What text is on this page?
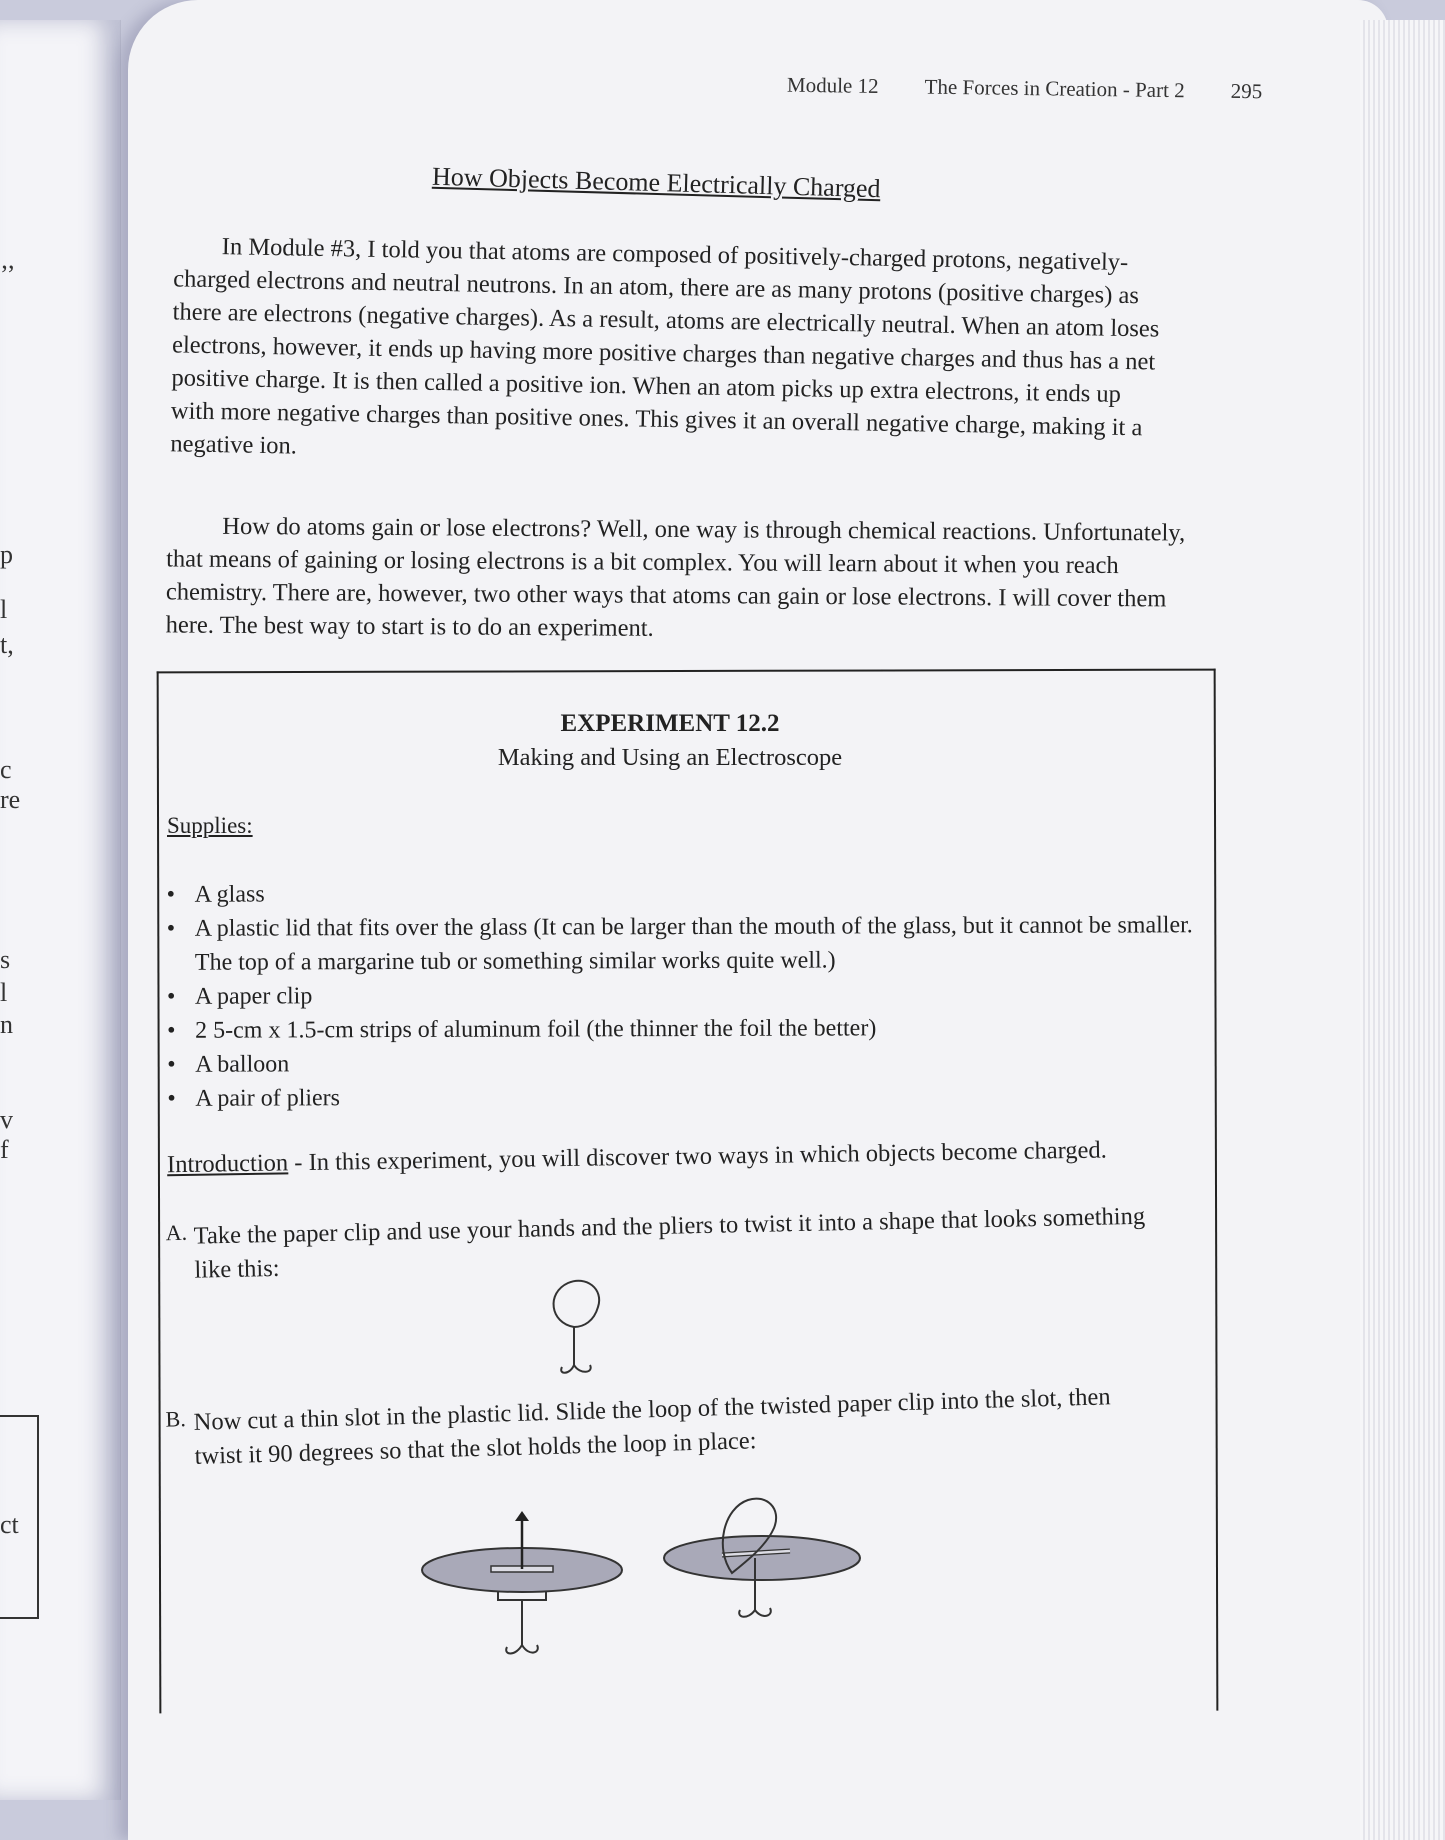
’’
p
l
t,
c
re
s
l
n
v
f
ct
Module 12 The Forces in Creation - Part 2 295
How Objects Become Electrically Charged

In Module #3, I told you that atoms are composed of positively-charged protons, negatively-charged electrons and neutral neutrons. In an atom, there are as many protons (positive charges) as there are electrons (negative charges). As a result, atoms are electrically neutral. When an atom loses electrons, however, it ends up having more positive charges than negative charges and thus has a net positive charge. It is then called a positive ion. When an atom picks up extra electrons, it ends up with more negative charges than positive ones. This gives it an overall negative charge, making it a negative ion.

How do atoms gain or lose electrons? Well, one way is through chemical reactions. Unfortunately, that means of gaining or losing electrons is a bit complex. You will learn about it when you reach chemistry. There are, however, two other ways that atoms can gain or lose electrons. I will cover them here. The best way to start is to do an experiment.

EXPERIMENT 12.2
Making and Using an Electroscope
Supplies:
• A glass
• A plastic lid that fits over the glass (It can be larger than the mouth of the glass, but it cannot be smaller. The top of a margarine tub or something similar works quite well.)
• A paper clip
• 2 5-cm x 1.5-cm strips of aluminum foil (the thinner the foil the better)
• A balloon
• A pair of pliers
Introduction - In this experiment, you will discover two ways in which objects become charged.
A. Take the paper clip and use your hands and the pliers to twist it into a shape that looks something like this:
B. Now cut a thin slot in the plastic lid. Slide the loop of the twisted paper clip into the slot, then twist it 90 degrees so that the slot holds the loop in place:
